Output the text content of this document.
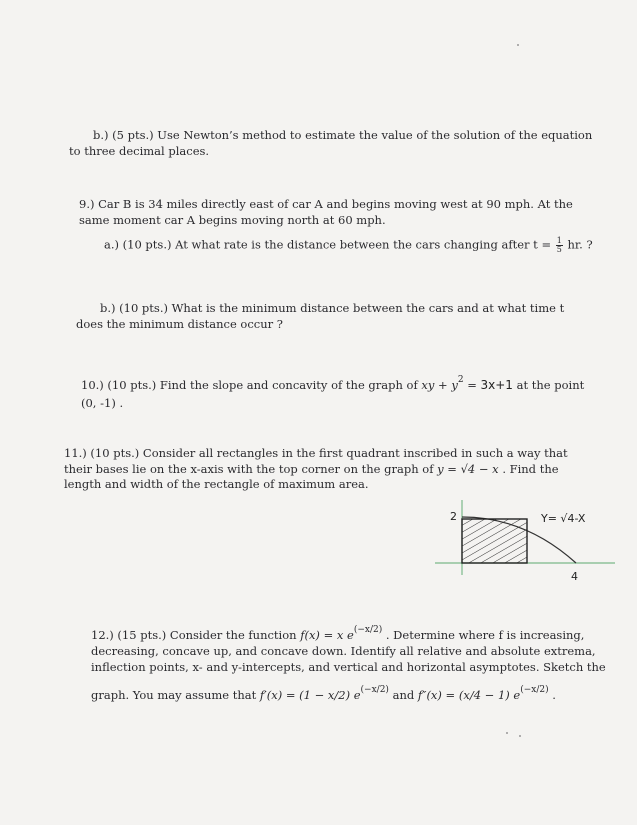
b.) (5 pts.) Use Newton’s method to estimate the value of the solution of the equation
to three decimal places.
9.) Car B is 34 miles directly east of car A and begins moving west at 90 mph. At the
same moment car A begins moving north at 60 mph.
a.) (10 pts.) At what rate is the distance between the cars changing after $t = \frac{1}{5}$ hr. ?
b.) (10 pts.) What is the minimum distance between the cars and at what time t
does the minimum distance occur ?
10.) (10 pts.) Find the slope and concavity of the graph of xy + $y^2 = 3x+1$ at the point
(0, -1) .
11.) (10 pts.) Consider all rectangles in the first quadrant inscribed in such a way that
their bases lie on the x-axis with the top corner on the graph of y = √4 − x . Find the
length and width of the rectangle of maximum area.
2
4
Y= √4-X
12.) (15 pts.) Consider the function f(x) = x $e^{(-x/2)}$ . Determine where f is increasing,
decreasing, concave up, and concave down. Identify all relative and absolute extrema,
inflection points, x- and y-intercepts, and vertical and horizontal asymptotes. Sketch the
graph. You may assume that f′(x) = (1 − x/2) $e^{(-x/2)}$ and f″(x) = (x/4 − 1) $e^{(-x/2)}$ .
